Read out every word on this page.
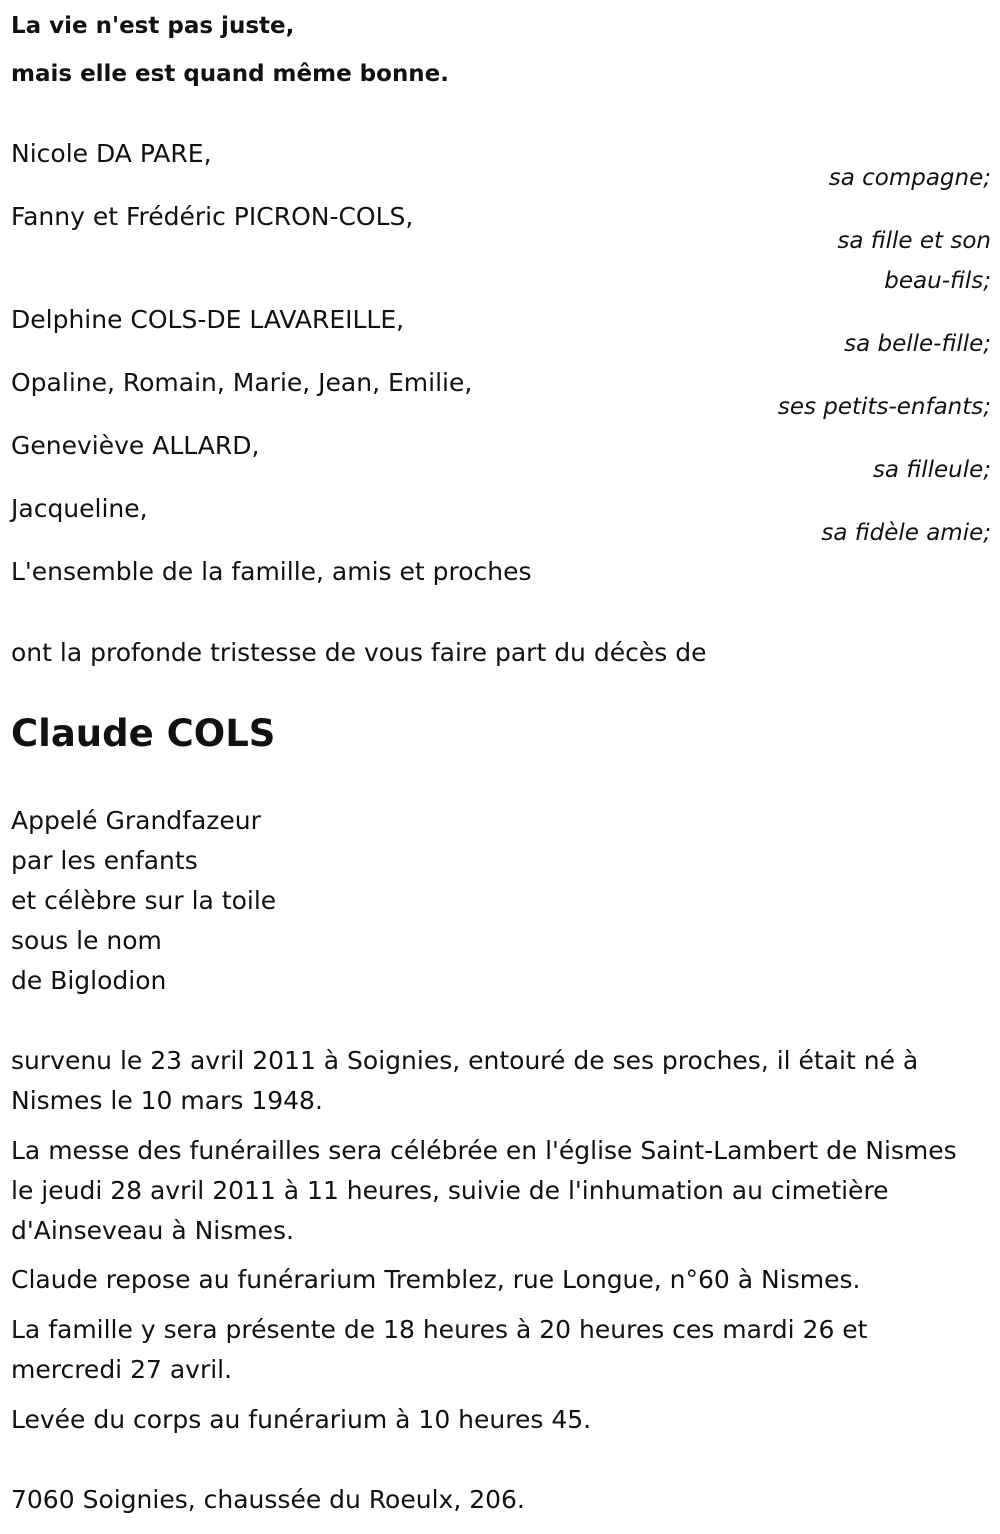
La vie n'est pas juste,
mais elle est quand même bonne.
Nicole DA PARE,
sa compagne;
Fanny et Frédéric PICRON-COLS,
sa fille et son
beau-fils;
Delphine COLS-DE LAVAREILLE,
sa belle-fille;
Opaline, Romain, Marie, Jean, Emilie,
ses petits-enfants;
Geneviève ALLARD,
sa filleule;
Jacqueline,
sa fidèle amie;
L'ensemble de la famille, amis et proches
ont la profonde tristesse de vous faire part du décès de
Claude COLS
Appelé Grandfazeur
par les enfants
et célèbre sur la toile
sous le nom
de Biglodion
survenu le 23 avril 2011 à Soignies, entouré de ses proches, il était né à Nismes le 10 mars 1948.
La messe des funérailles sera célébrée en l'église Saint-Lambert de Nismes le jeudi 28 avril 2011 à 11 heures, suivie de l'inhumation au cimetière d'Ainseveau à Nismes.
Claude repose au funérarium Tremblez, rue Longue, n°60 à Nismes.
La famille y sera présente de 18 heures à 20 heures ces mardi 26 et mercredi 27 avril.
Levée du corps au funérarium à 10 heures 45.
7060 Soignies, chaussée du Roeulx, 206.
